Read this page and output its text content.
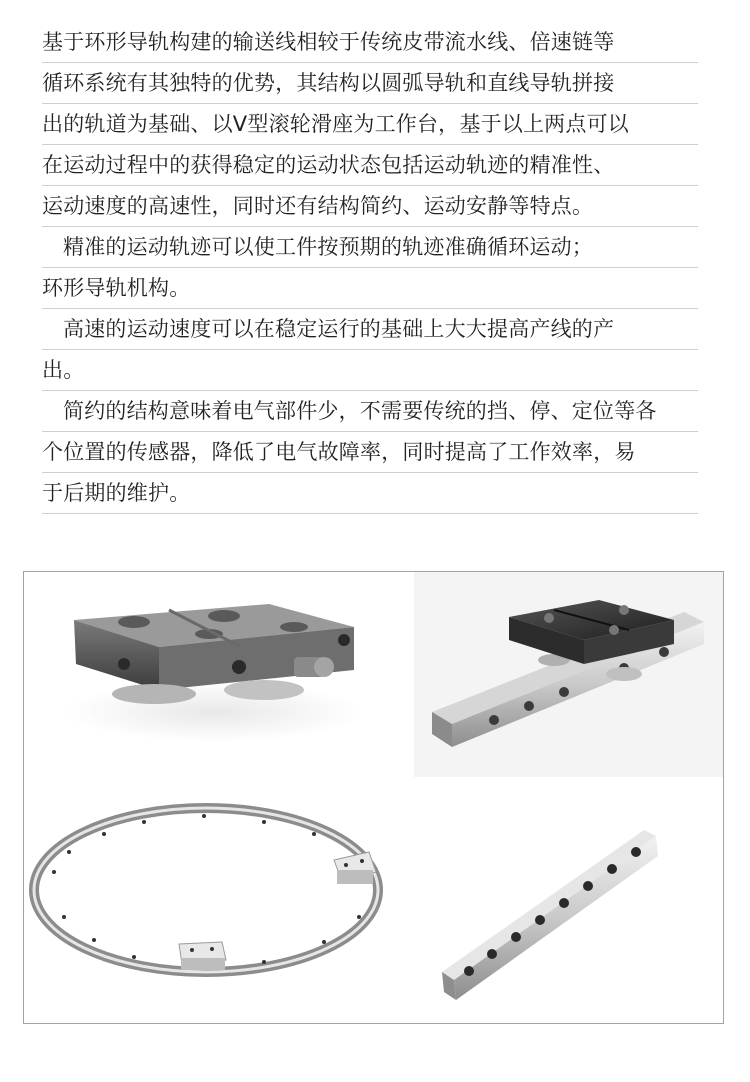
基于环形导轨构建的输送线相较于传统皮带流水线、倍速链等
循环系统有其独特的优势，其结构以圆弧导轨和直线导轨拼接
出的轨道为基础、以V型滚轮滑座为工作台，基于以上两点可以
在运动过程中的获得稳定的运动状态包括运动轨迹的精准性、
运动速度的高速性，同时还有结构简约、运动安静等特点。
精准的运动轨迹可以使工件按预期的轨迹准确循环运动；
环形导轨机构。
高速的运动速度可以在稳定运行的基础上大大提高产线的产
出。
简约的结构意味着电气部件少，不需要传统的挡、停、定位等各
个位置的传感器，降低了电气故障率，同时提高了工作效率，易
于后期的维护。
